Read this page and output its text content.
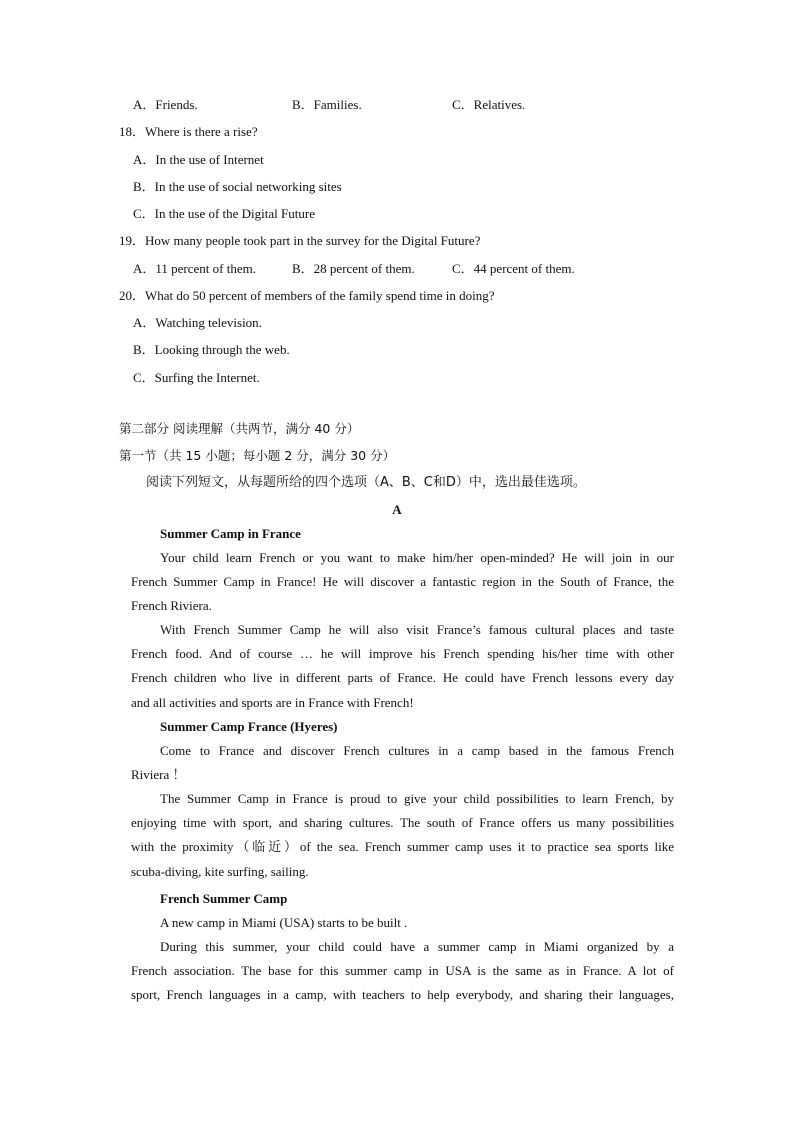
A．Friends.	B．Families.	C．Relatives.
18．Where is there a rise?
A．In the use of Internet
B．In the use of social networking sites
C．In the use of the Digital Future
19．How many people took part in the survey for the Digital Future?
A．11 percent of them.	B．28 percent of them.	C．44 percent of them.
20．What do 50 percent of members of the family spend time in doing?
A．Watching television.
B．Looking through the web.
C．Surfing the Internet.
第二部分 阅读理解（共两节，满分 40 分）
第一节（共 15 小题；每小题 2 分，满分 30 分）
阅读下列短文，从每题所给的四个选项（A、B、C和D）中，选出最佳选项。
A
Summer Camp in France
Your child learn French or you want to make him/her open-minded? He will join in our
French Summer Camp in France! He will discover a fantastic region in the South of France, the
French Riviera.
With French Summer Camp he will also visit France’s famous cultural places and taste
French food. And of course … he will improve his French spending his/her time with other
French children who live in different parts of France. He could have French lessons every day
and all activities and sports are in France with French!
Summer Camp France (Hyeres)
Come to France and discover French cultures in a camp based in the famous French
Riviera ！
The Summer Camp in France is proud to give your child possibilities to learn French, by
enjoying time with sport, and sharing cultures. The south of France offers us many possibilities
with the proximity（临近）of the sea. French summer camp uses it to practice sea sports like
scuba-diving, kite surfing, sailing.
French Summer Camp
A new camp in Miami (USA) starts to be built .
During this summer, your child could have a summer camp in Miami organized by a
French association. The base for this summer camp in USA is the same as in France. A lot of
sport, French languages in a camp, with teachers to help everybody, and sharing their languages,
